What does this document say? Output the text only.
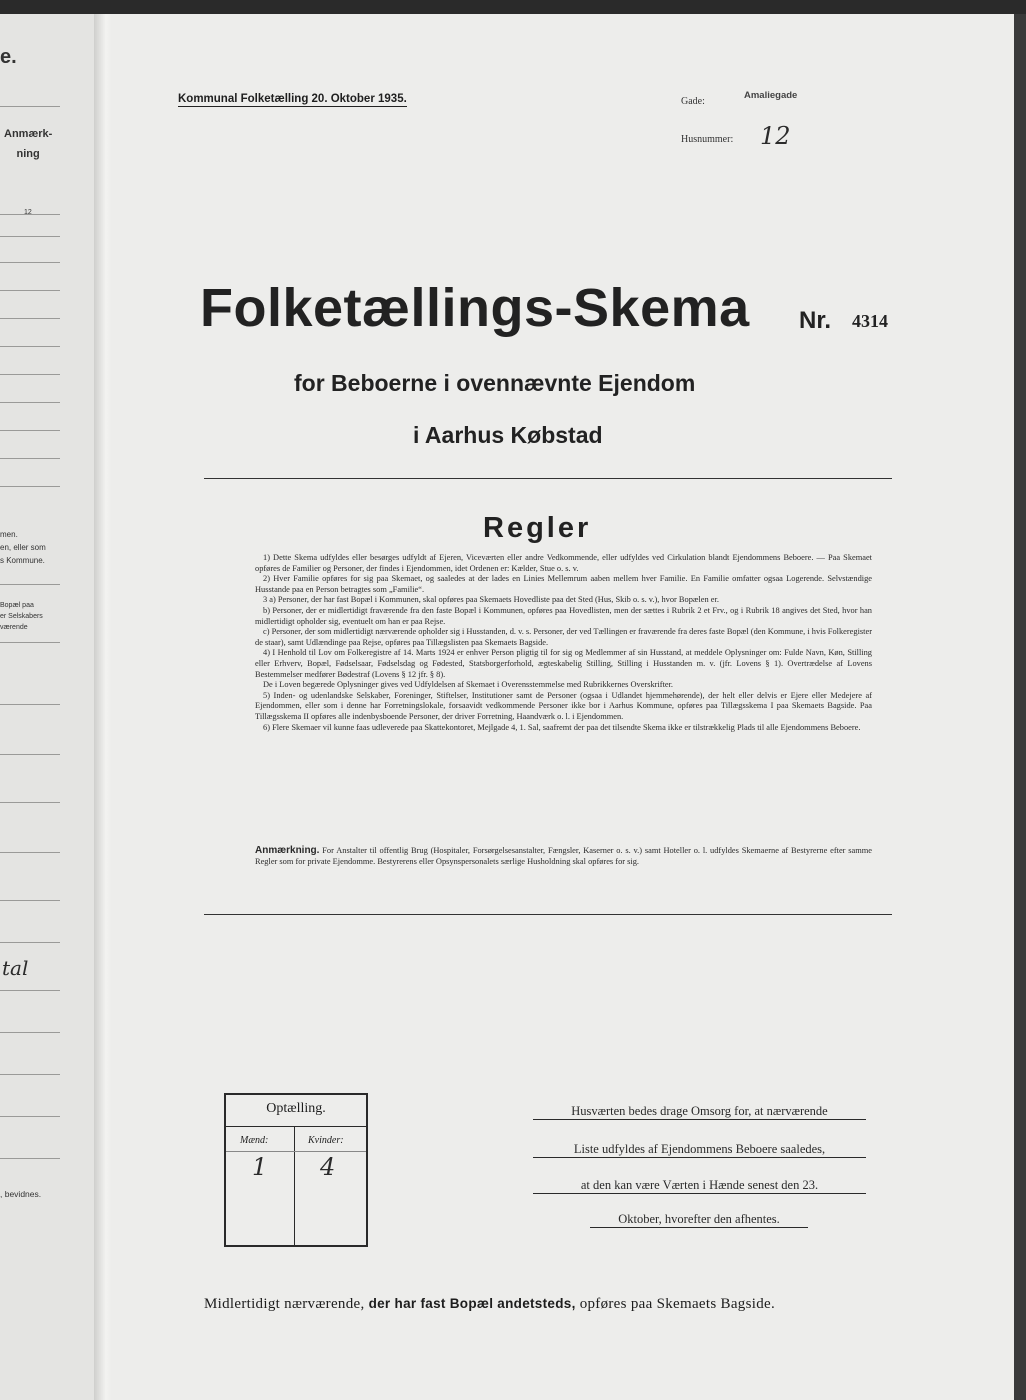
e.
Anmærk-
ning
12
men.
en, eller som
s Kommune.
Bopæl paa
er Selskabers
værende
tal
, bevidnes.
Kommunal Folketælling 20. Oktober 1935.	Gade:
Amaliegade
Husnummer: 12
Folketællings-Skema Nr. 4314
for Beboerne i ovennævnte Ejendom
i Aarhus Købstad
Regler

1) Dette Skema udfyldes eller besørges udfyldt af Ejeren, Viceværten eller andre Vedkommende, eller udfyldes ved Cirkulation blandt Ejendommens Beboere. — Paa Skemaet opføres de Familier og Personer, der findes i Ejendommen, idet Ordenen er: Kælder, Stue o. s. v.

2) Hver Familie opføres for sig paa Skemaet, og saaledes at der lades en Linies Mellemrum aaben mellem hver Familie. En Familie omfatter ogsaa Logerende. Selvstændige Husstande paa en Person betragtes som „Familie“.

3 a) Personer, der har fast Bopæl i Kommunen, skal opføres paa Skemaets Hovedliste paa det Sted (Hus, Skib o. s. v.), hvor Bopælen er.

b) Personer, der er midlertidigt fraværende fra den faste Bopæl i Kommunen, opføres paa Hovedlisten, men der sættes i Rubrik 2 et Frv., og i Rubrik 18 angives det Sted, hvor han midlertidigt opholder sig, eventuelt om han er paa Rejse.

c) Personer, der som midlertidigt nærværende opholder sig i Husstanden, d. v. s. Personer, der ved Tællingen er fraværende fra deres faste Bopæl (den Kommune, i hvis Folkeregister de staar), samt Udlændinge paa Rejse, opføres paa Tillægslisten paa Skemaets Bagside.

4) I Henhold til Lov om Folkeregistre af 14. Marts 1924 er enhver Person pligtig til for sig og Medlemmer af sin Husstand, at meddele Oplysninger om: Fulde Navn, Køn, Stilling eller Erhverv, Bopæl, Fødselsaar, Fødselsdag og Fødested, Statsborgerforhold, ægteskabelig Stilling, Stilling i Husstanden m. v. (jfr. Lovens § 1). Overtrædelse af Lovens Bestemmelser medfører Bødestraf (Lovens § 12 jfr. § 8).

De i Loven begærede Oplysninger gives ved Udfyldelsen af Skemaet i Overensstemmelse med Rubrikkernes Overskrifter.

5) Inden- og udenlandske Selskaber, Foreninger, Stiftelser, Institutioner samt de Personer (ogsaa i Udlandet hjemmehørende), der helt eller delvis er Ejere eller Medejere af Ejendommen, eller som i denne har Forretningslokale, forsaavidt vedkommende Personer ikke bor i Aarhus Kommune, opføres paa Tillægsskema I paa Skemaets Bagside. Paa Tillægsskema II opføres alle indenbysboende Personer, der driver Forretning, Haandværk o. l. i Ejendommen.

6) Flere Skemaer vil kunne faas udleverede paa Skattekontoret, Mejlgade 4, 1. Sal, saafremt der paa det tilsendte Skema ikke er tilstrækkelig Plads til alle Ejendommens Beboere.

Anmærkning. For Anstalter til offentlig Brug (Hospitaler, Forsørgelsesanstalter, Fængsler, Kaserner o. s. v.) samt Hoteller o. l. udfyldes Skemaerne af Bestyrerne efter samme Regler som for private Ejendomme. Bestyrerens eller Opsynspersonalets særlige Husholdning skal opføres for sig.
Optælling.
Mænd:	Kvinder:
1 4
Husværten bedes drage Omsorg for, at nærværende
Liste udfyldes af Ejendommens Beboere saaledes,
at den kan være Værten i Hænde senest den 23.
Oktober, hvorefter den afhentes.
Midlertidigt nærværende, der har fast Bopæl andetsteds, opføres paa Skemaets Bagside.
